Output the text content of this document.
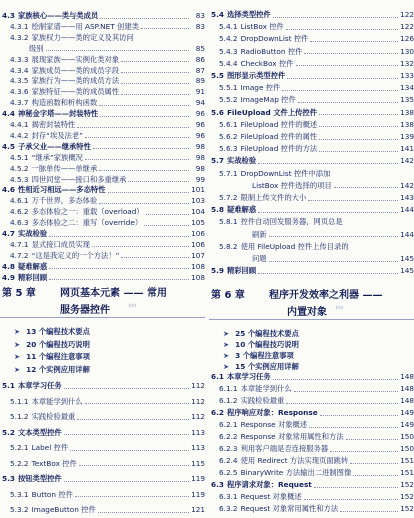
4.3 家族核心——类与类成员	83
4.3.1 绘制家谱——用 ASP.NET 创建类	83
4.3.2 家族权力——类的定义及其访问
级别	85
4.3.3 展现家族——实例化类对象	86
4.3.4 家族成员——类的成员字段	87
4.3.5 家族行为——类的成员方法	89
4.3.6 家族特征——类的成员属性	91
4.3.7 构造函数和析构函数	94
4.4 神秘金字塔——封装特性	96
4.4.1 揭密封装特性	96
4.4.2 封存“埃及法老”	96
4.5 子承父业——继承特性	98
4.5.1 “继承”家族概况	98
4.5.2 一脉单传——单继承	98
4.5.3 四世同堂——接口和多重继承	99
4.6 性相近习相远——多态特性	101
4.6.1 万千世界，多态体验	103
4.6.2 多态体验之一：重载（overload）	104
4.6.3 多态体验之二：重写（override）	105
4.7 实战检验	106
4.7.1 显式接口成员实现	106
4.7.2 “这是我定义的一个方法！”	107
4.8 疑难解惑	108
4.9 精彩回顾	108
第 5 章 网页基本元素 —— 常用
服务器控件 ›››
➤ 13 个编程技术要点
➤ 20 个编程技巧说明
➤ 11 个编程注意事项
➤ 12 个实例应用详解
5.1 本章学习任务	112
5.1.1 本章能学到什么	112
5.1.2 实践检验最重	112
5.2 文本类型控件	113
5.2.1 Label 控件	113
5.2.2 TextBox 控件	115
5.3 按钮类型控件	119
5.3.1 Button 控件	119
5.3.2 ImageButton 控件	121
5.4 选择类型控件	122
5.4.1 ListBox 控件	122
5.4.2 DropDownList 控件	126
5.4.3 RadioButton 控件	130
5.4.4 CheckBox 控件	132
5.5 图形显示类型控件	133
5.5.1 Image 控件	134
5.5.2 ImageMap 控件	135
5.6 FileUpload 文件上传控件	138
5.6.1 FileUpload 控件的概述	138
5.6.2 FileUpload 控件的属性	139
5.6.3 FileUpload 控件的方法	141
5.7 实战检验	142
5.7.1 DropDownList 控件中添加
ListBox 控件选择的项目	142
5.7.2 限制上传文件的大小	143
5.8 疑难解惑	144
5.8.1 控件自动回发服务器，网页总是
刷新	144
5.8.2 使用 FileUpload 控件上传目录的
问题	145
5.9 精彩回顾	145
第 6 章 程序开发效率之利器 ——
内置对象 ›››
➤ 25 个编程技术要点
➤ 10 个编程技巧说明
➤ 3 个编程注意事项
➤ 15 个实例应用详解
6.1 本章学习任务	148
6.1.1 本章能学到什么	148
6.1.2 实践检验最重	148
6.2 程序响应对象：Response	149
6.2.1 Response 对象概述	149
6.2.2 Response 对象常用属性和方法	150
6.2.3 利用客户端是否连接服务器	150
6.2.4 使用 Redirect 方法实现页面跳转	151
6.2.5 BinaryWrite 方法输出二进制图像	151
6.3 程序请求对象：Request	152
6.3.1 Request 对象概述	152
6.3.2 Request 对象常用属性和方法	152
